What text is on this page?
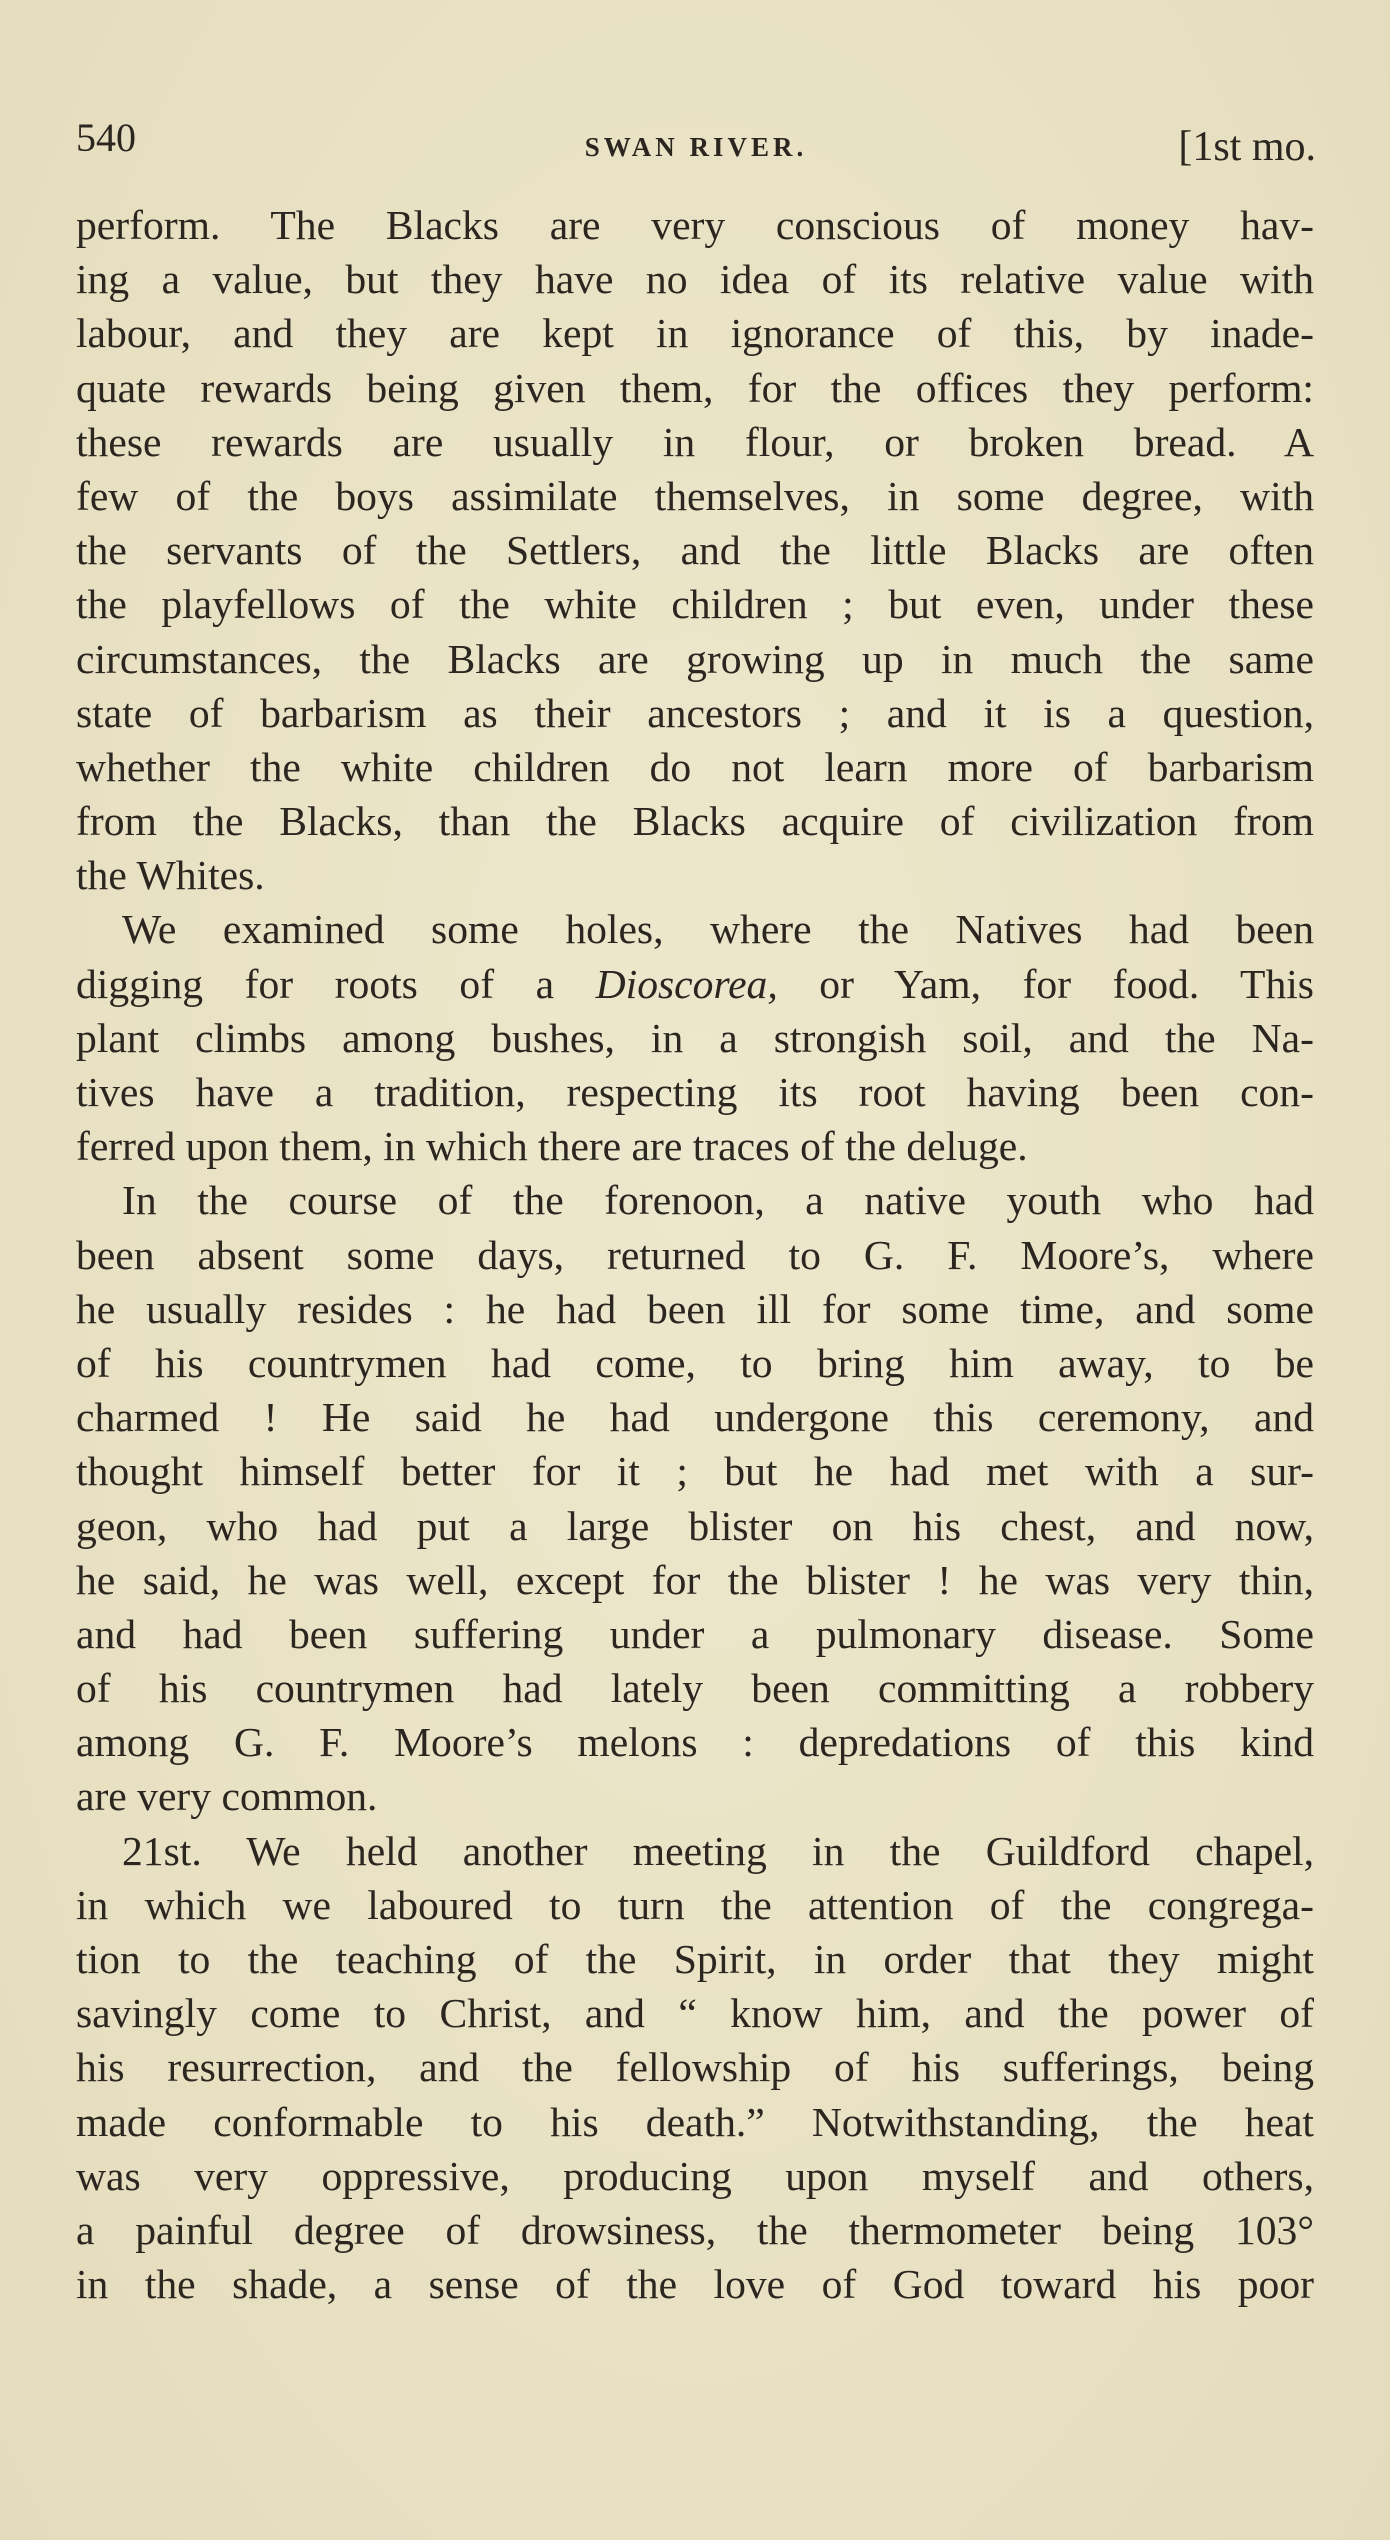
540	SWAN RIVER.	[1st mo.
perform. The Blacks are very conscious of money hav-
ing a value, but they have no idea of its relative value with
labour, and they are kept in ignorance of this, by inade-
quate rewards being given them, for the offices they perform:
these rewards are usually in flour, or broken bread. A
few of the boys assimilate themselves, in some degree, with
the servants of the Settlers, and the little Blacks are often
the playfellows of the white children ; but even, under these
circumstances, the Blacks are growing up in much the same
state of barbarism as their ancestors ; and it is a question,
whether the white children do not learn more of barbarism
from the Blacks, than the Blacks acquire of civilization from
the Whites.
We examined some holes, where the Natives had been
digging for roots of a Dioscorea, or Yam, for food. This
plant climbs among bushes, in a strongish soil, and the Na-
tives have a tradition, respecting its root having been con-
ferred upon them, in which there are traces of the deluge.
In the course of the forenoon, a native youth who had
been absent some days, returned to G. F. Moore’s, where
he usually resides : he had been ill for some time, and some
of his countrymen had come, to bring him away, to be
charmed ! He said he had undergone this ceremony, and
thought himself better for it ; but he had met with a sur-
geon, who had put a large blister on his chest, and now,
he said, he was well, except for the blister ! he was very thin,
and had been suffering under a pulmonary disease. Some
of his countrymen had lately been committing a robbery
among G. F. Moore’s melons : depredations of this kind
are very common.
21st. We held another meeting in the Guildford chapel,
in which we laboured to turn the attention of the congrega-
tion to the teaching of the Spirit, in order that they might
savingly come to Christ, and “ know him, and the power of
his resurrection, and the fellowship of his sufferings, being
made conformable to his death.” Notwithstanding, the heat
was very oppressive, producing upon myself and others,
a painful degree of drowsiness, the thermometer being 103°
in the shade, a sense of the love of God toward his poor
